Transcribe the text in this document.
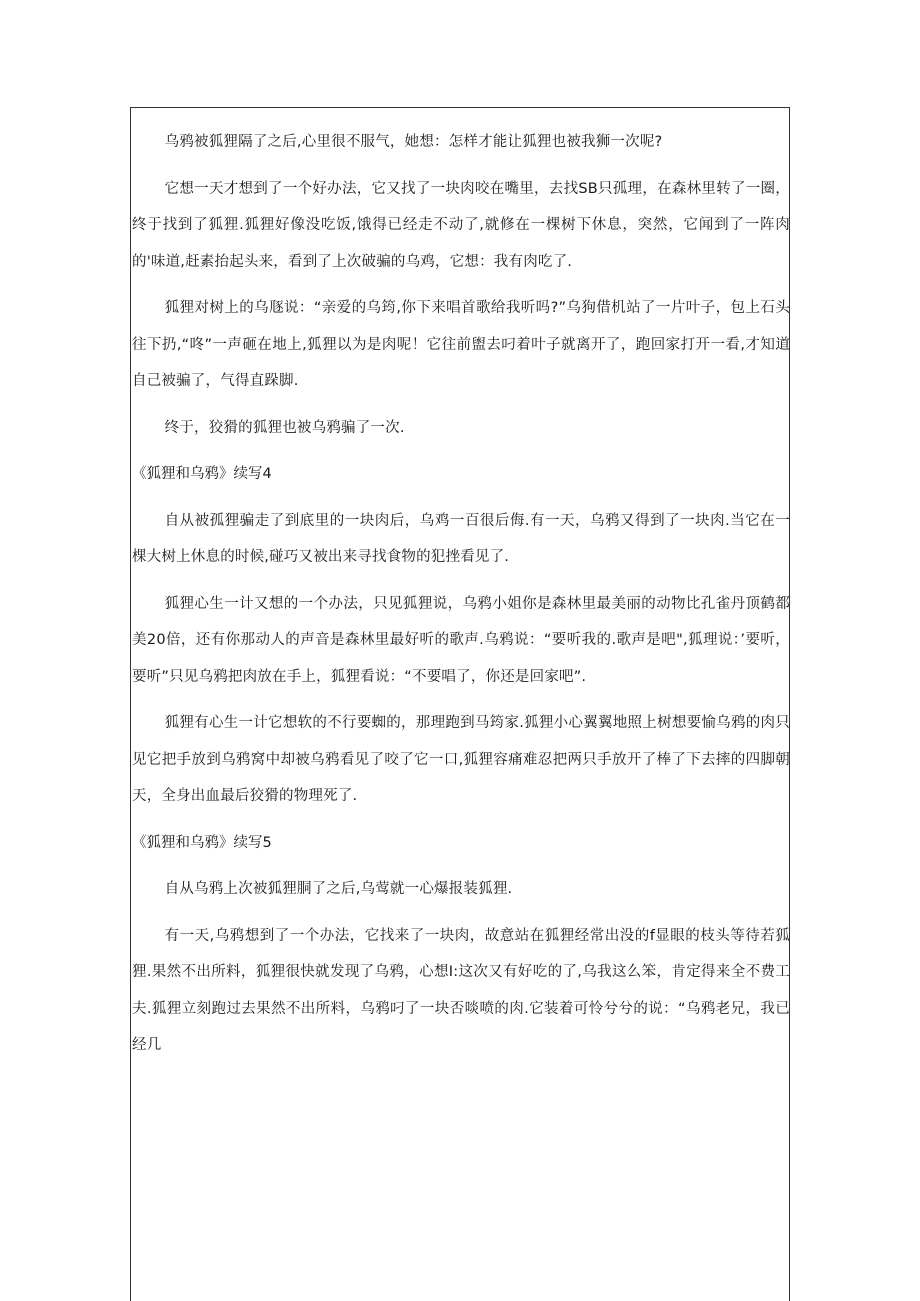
乌鸦被狐狸隔了之后,心里很不服气，她想：怎样才能让狐狸也被我狮一次呢?

它想一天才想到了一个好办法，它又找了一块肉咬在嘴里，去找SB只孤理，在森林里转了一圈，终于找到了狐狸.狐狸好像没吃饭,饿得已经走不动了,就修在一棵树下休息，突然，它闻到了一阵肉的'味道,赶素抬起头来，看到了上次破骗的乌鸡，它想：我有肉吃了.

狐狸对树上的乌豗说：“亲爱的乌筠,你下来唱首歌给我听吗?”乌狗借机站了一片叶子，包上石头往下扔,“咚”一声砸在地上,狐狸以为是肉呢！它往前盥去叼着叶子就离开了，跑回家打开一看,才知道自己被骗了，气得直跺脚.

终于，狡猾的狐狸也被乌鸦骗了一次.

《狐狸和乌鸦》续写4

自从被孤狸骗走了到底里的一块肉后，乌鸡一百很后侮.有一天，乌鸦又得到了一块肉.当它在一棵大树上休息的时候,碰巧又被出来寻找食物的犯挫看见了.

狐狸心生一计又想的一个办法，只见狐狸说，乌鸦小姐你是森林里最美丽的动物比孔雀丹顶鹤都美20倍，还有你那动人的声音是森林里最好听的歌声.乌鸦说：“要听我的.歌声是吧",狐理说：’要听，要听”只见乌鸦把肉放在手上，狐狸看说：“不要唱了，你还是回家吧”.

狐狸有心生一计它想软的不行要蜘的，那理跑到马筠家.狐狸小心翼翼地照上树想要愉乌鸦的肉只见它把手放到乌鸦窝中却被乌鸦看见了咬了它一口,狐狸容痛难忍把两只手放开了棒了下去摔的四脚朝天，全身出血最后狡猾的物理死了.

《狐狸和乌鸦》续写5

自从乌鸦上次被狐狸胴了之后,乌莺就一心爆报装狐狸.

有一天,乌鸦想到了一个办法，它找来了一块肉，故意站在狐狸经常出没的f显眼的枝头等待若狐狸.果然不出所料，狐狸很快就发现了乌鸦，心想I:这次又有好吃的了,乌我这么笨，肯定得来全不费工夫.狐狸立刻跑过去果然不出所料，乌鸦叼了一块否啖喷的肉.它装着可怜兮兮的说：“乌鸦老兄，我已经几
